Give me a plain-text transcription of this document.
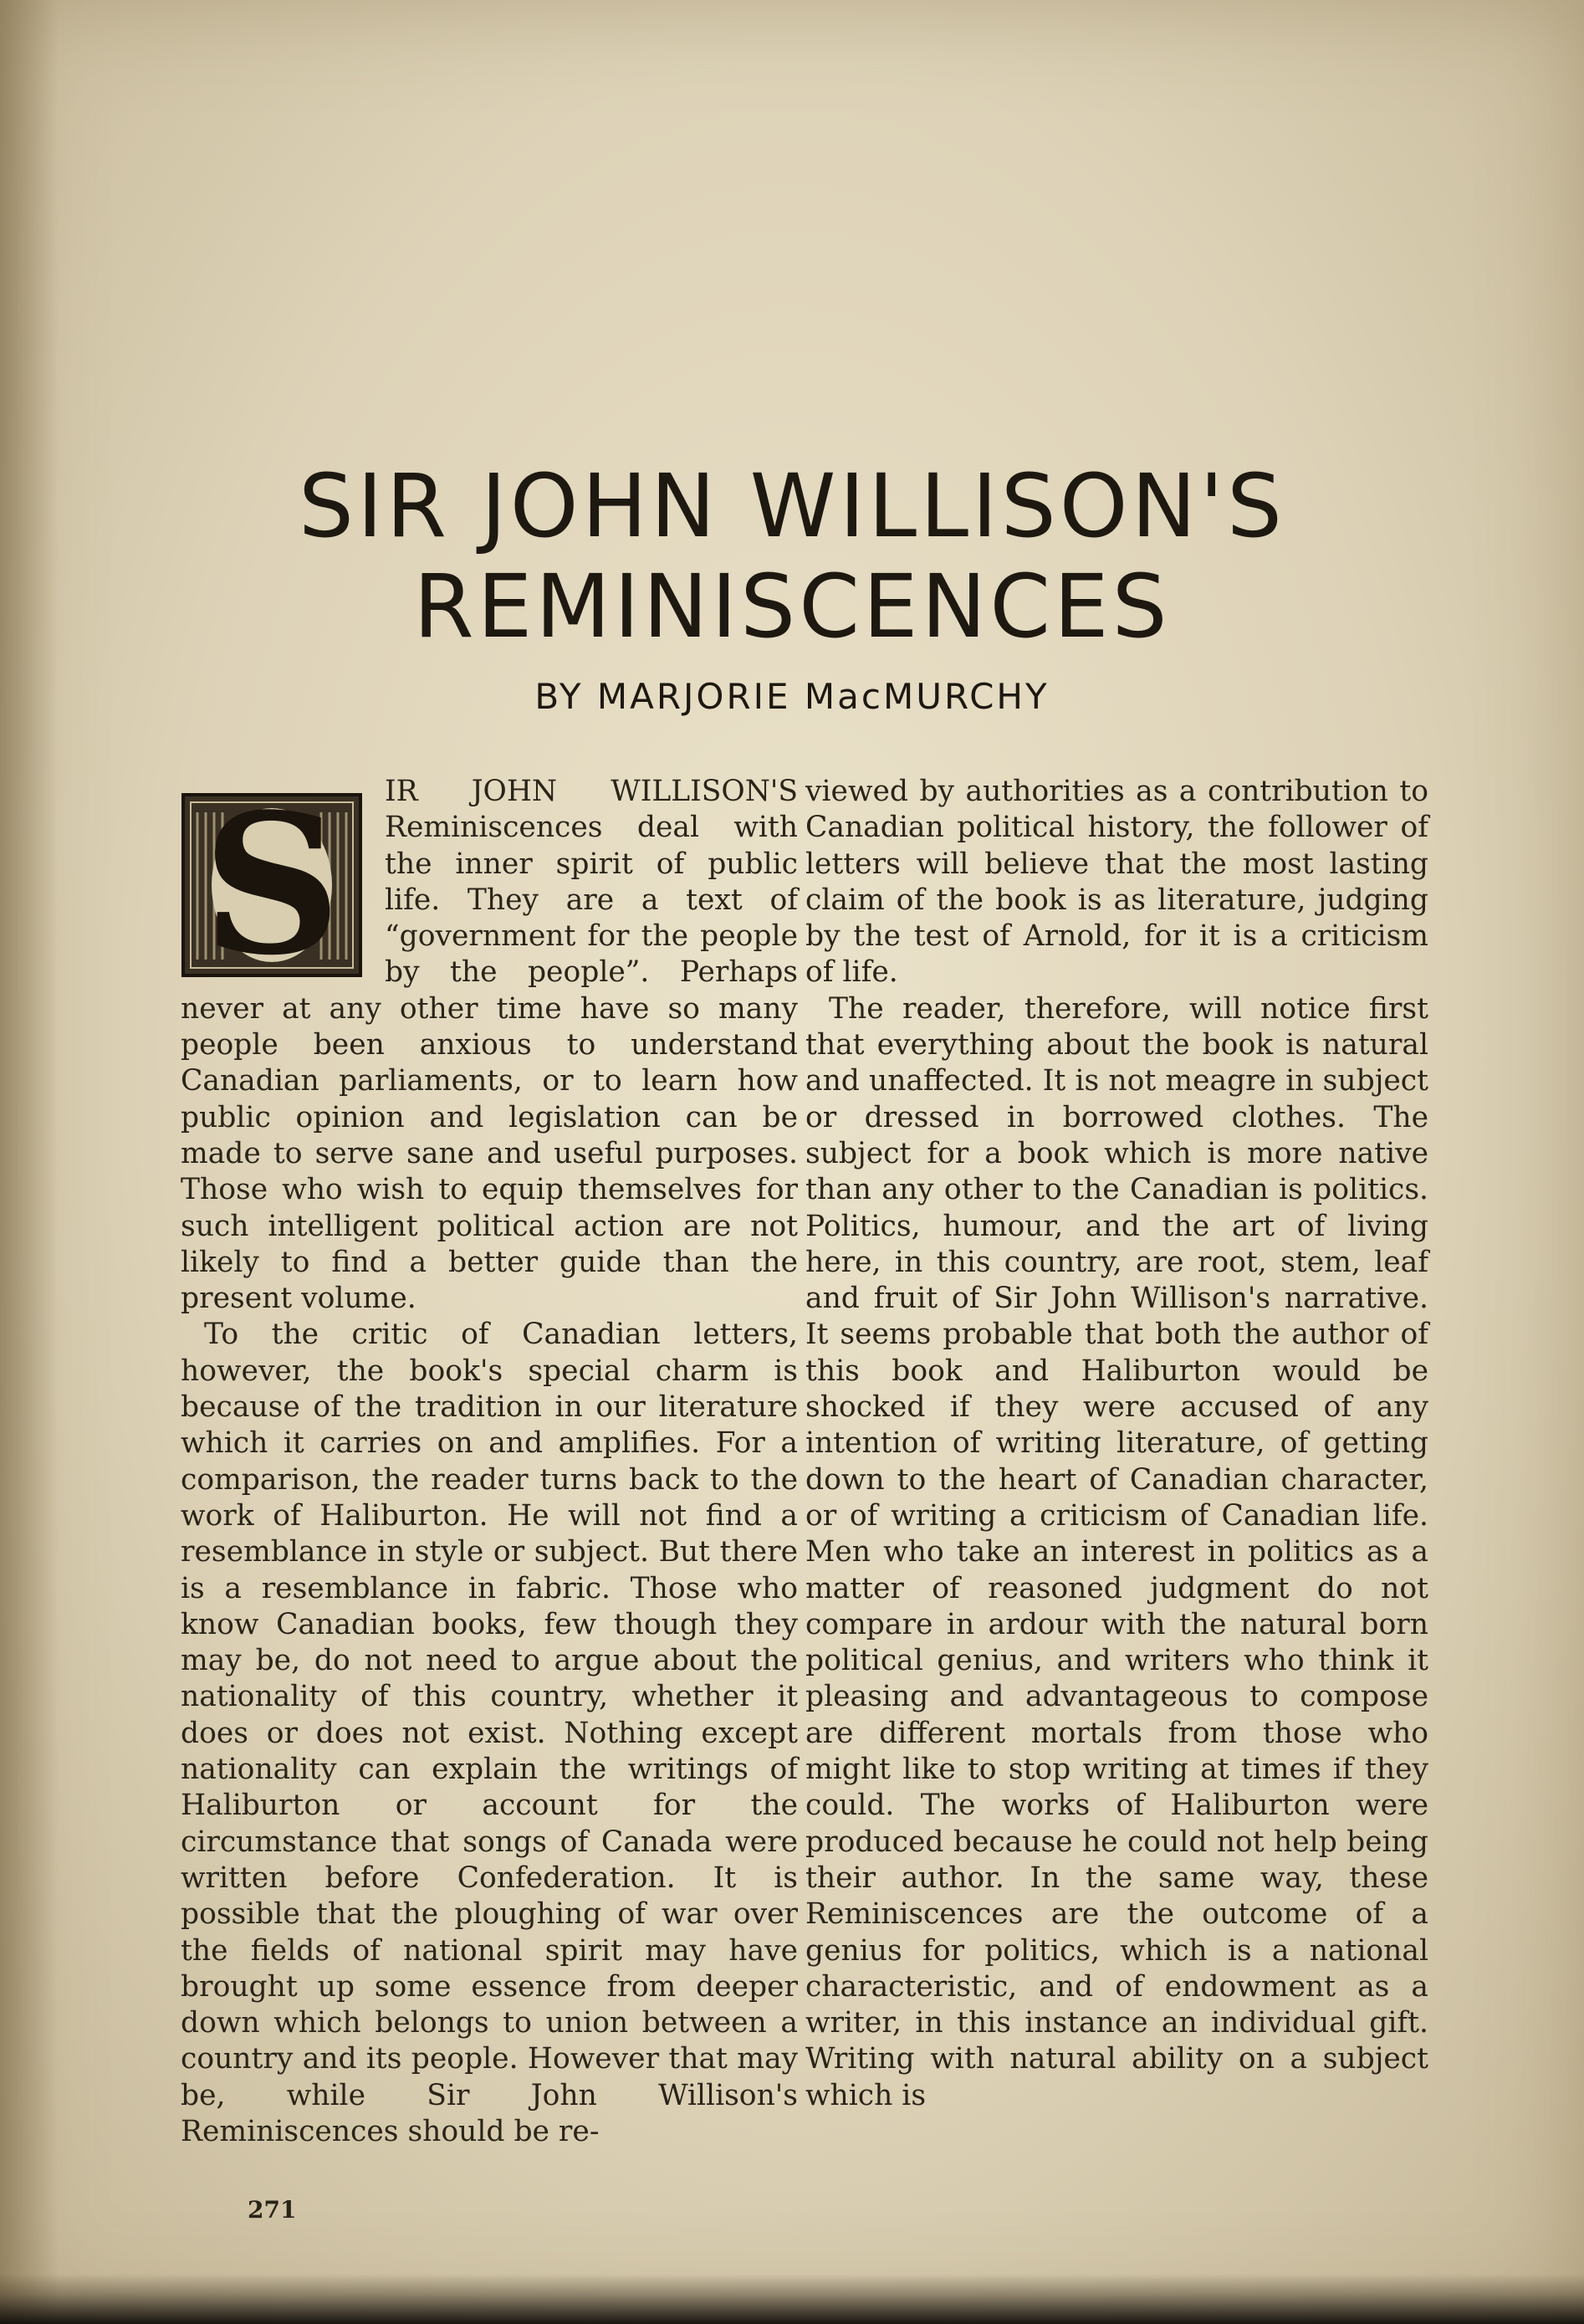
SIR JOHN WILLISON'S
REMINISCENCES
BY MARJORIE MacMURCHY
S	IR JOHN WILLISON'S Reminiscences deal with the inner spirit of public life. They are a text of “government for the people by the people”. Perhaps never at any other time have so many people been anxious to understand Canadian parliaments, or to learn how public opinion and legislation can be made to serve sane and useful purposes. Those who wish to equip themselves for such intelligent political action are not likely to find a better guide than the present volume.

To the critic of Canadian letters, however, the book's special charm is because of the tradition in our literature which it carries on and amplifies. For a comparison, the reader turns back to the work of Haliburton. He will not find a resemblance in style or subject. But there is a resemblance in fabric. Those who know Canadian books, few though they may be, do not need to argue about the nationality of this country, whether it does or does not exist. Nothing except nationality can explain the writings of Haliburton or account for the circumstance that songs of Canada were written before Confederation. It is possible that the ploughing of war over the fields of national spirit may have brought up some essence from deeper down which belongs to union between a country and its people. However that may be, while Sir John Willison's Reminiscences should be re-

viewed by authorities as a contribution to Canadian political history, the follower of letters will believe that the most lasting claim of the book is as literature, judging by the test of Arnold, for it is a criticism of life.

The reader, therefore, will notice first that everything about the book is natural and unaffected. It is not meagre in subject or dressed in borrowed clothes. The subject for a book which is more native than any other to the Canadian is politics. Politics, humour, and the art of living here, in this country, are root, stem, leaf and fruit of Sir John Willison's narrative. It seems probable that both the author of this book and Haliburton would be shocked if they were accused of any intention of writing literature, of getting down to the heart of Canadian character, or of writing a criticism of Canadian life. Men who take an interest in politics as a matter of reasoned judgment do not compare in ardour with the natural born political genius, and writers who think it pleasing and advantageous to compose are different mortals from those who might like to stop writing at times if they could. The works of Haliburton were produced because he could not help being their author. In the same way, these Reminiscences are the outcome of a genius for politics, which is a national characteristic, and of endowment as a writer, in this instance an individual gift. Writing with natural ability on a subject which is

271
